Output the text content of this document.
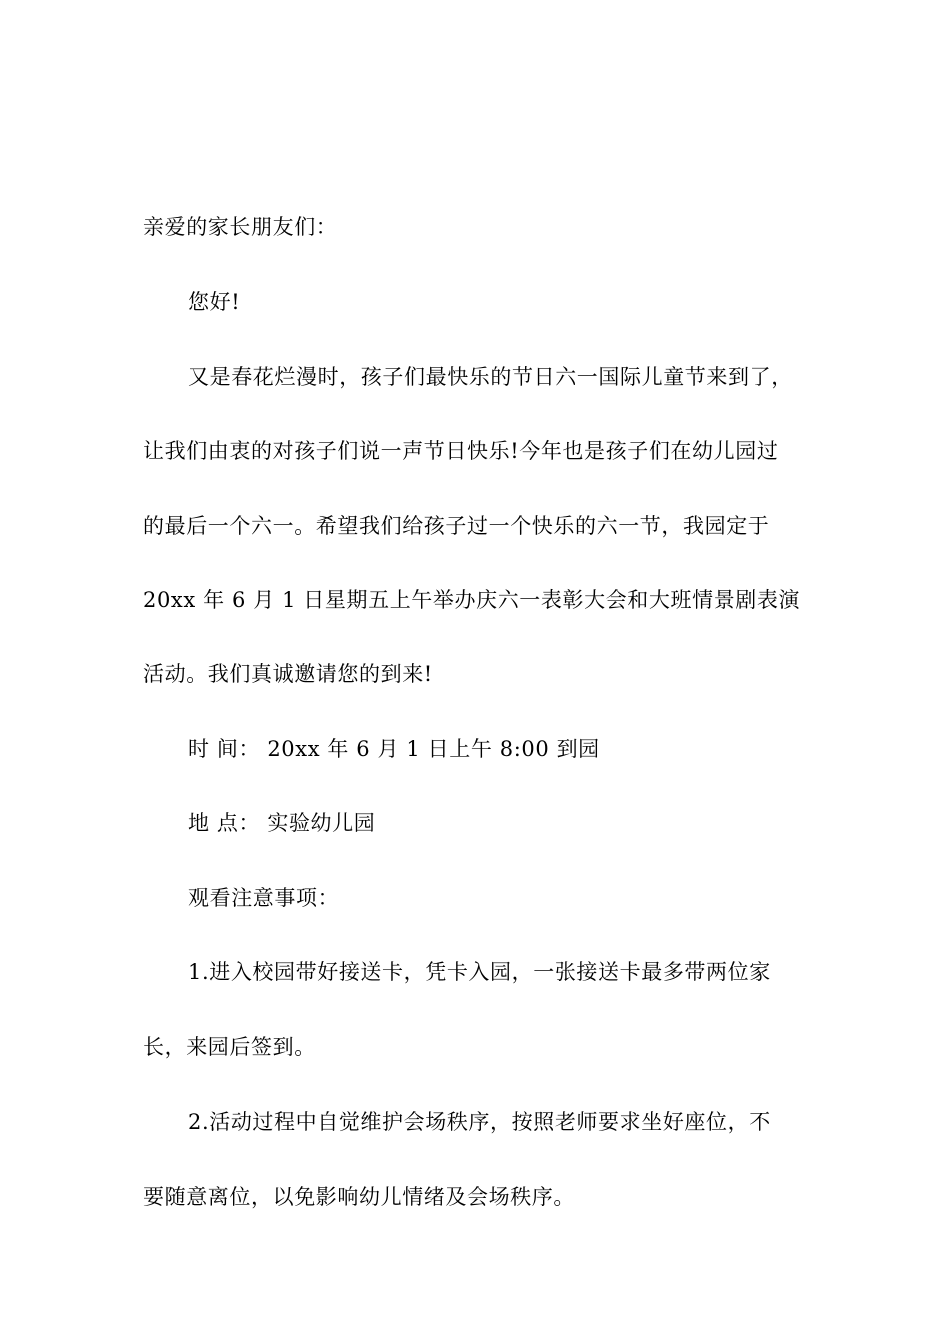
亲爱的家长朋友们：
您好!
又是春花烂漫时，孩子们最快乐的节日六一国际儿童节来到了，
让我们由衷的对孩子们说一声节日快乐!今年也是孩子们在幼儿园过
的最后一个六一。希望我们给孩子过一个快乐的六一节，我园定于
20xx 年 6 月 1 日星期五上午举办庆六一表彰大会和大班情景剧表演
活动。我们真诚邀请您的到来!
时 间： 20xx 年 6 月 1 日上午 8:00 到园
地 点： 实验幼儿园
观看注意事项：
1.进入校园带好接送卡，凭卡入园，一张接送卡最多带两位家
长，来园后签到。
2.活动过程中自觉维护会场秩序，按照老师要求坐好座位，不
要随意离位，以免影响幼儿情绪及会场秩序。
